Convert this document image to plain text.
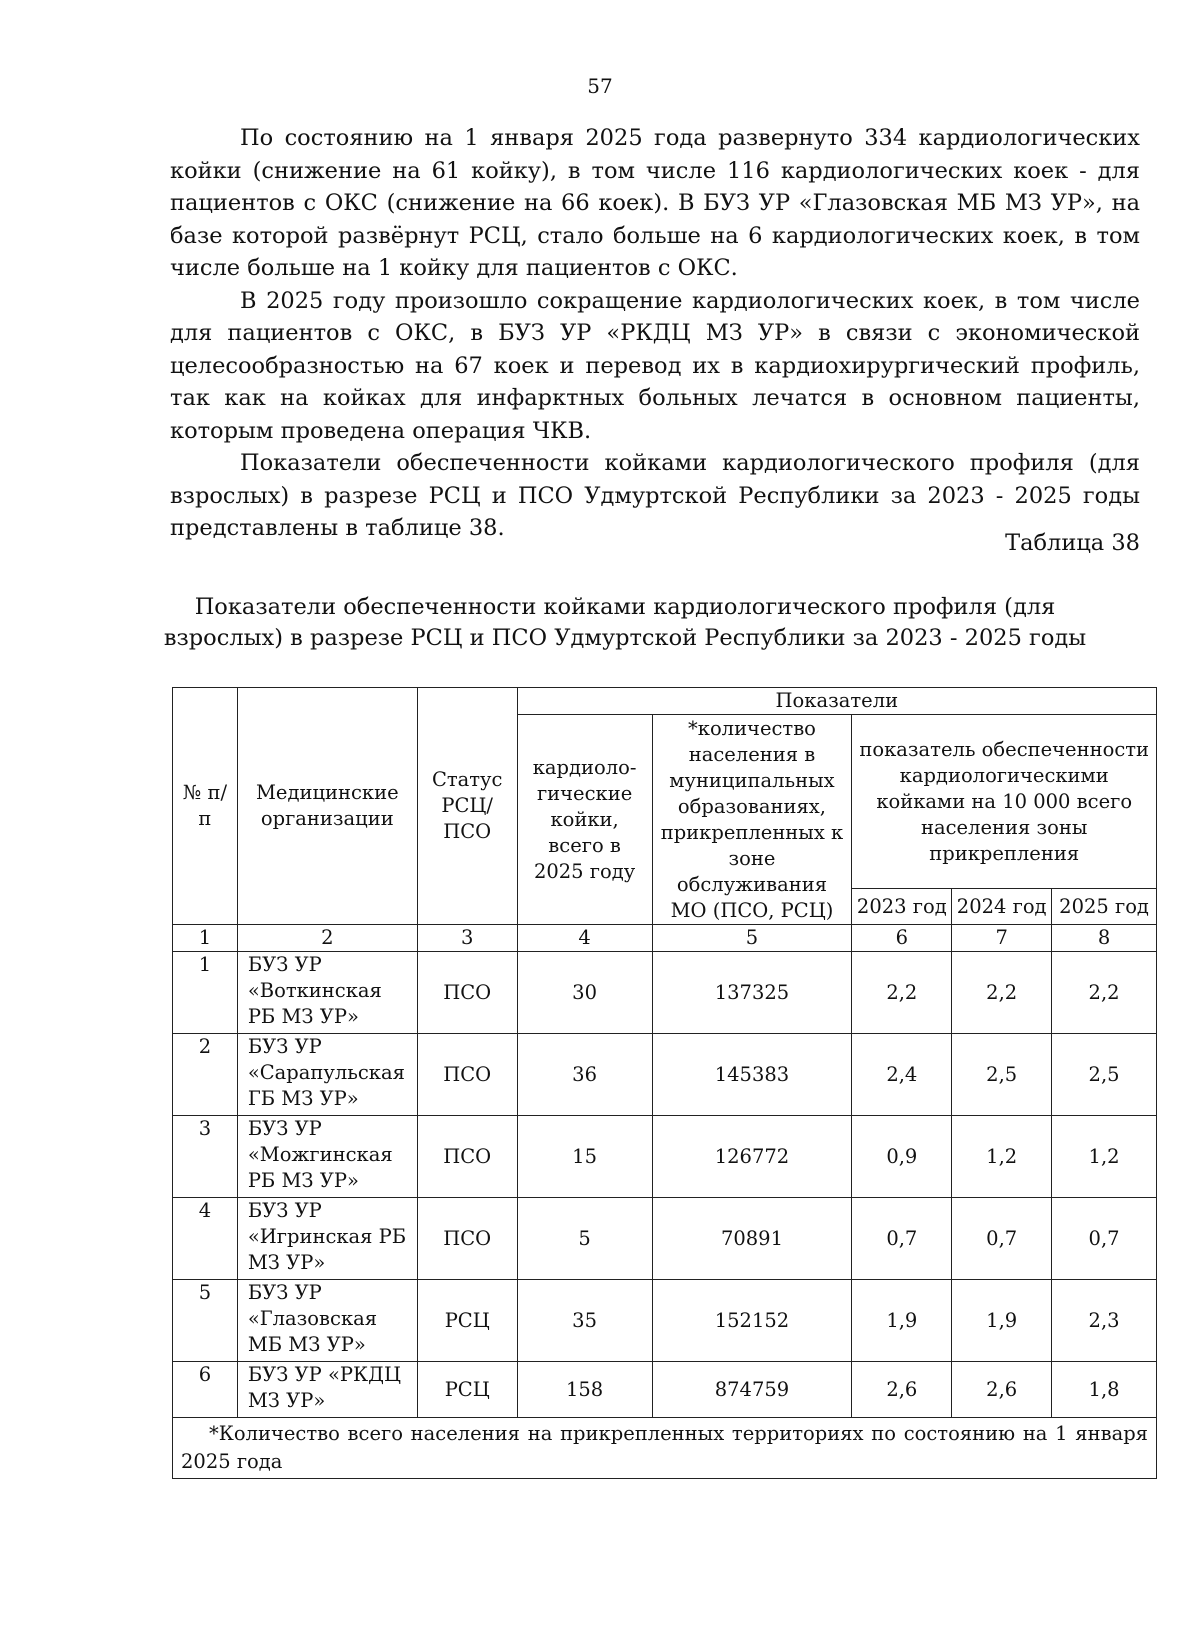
57

По состоянию на 1 января 2025 года развернуто 334 кардиологических койки (снижение на 61 койку), в том числе 116 кардиологических коек - для пациентов с ОКС (снижение на 66 коек). В БУЗ УР «Глазовская МБ МЗ УР», на базе которой развёрнут РСЦ, стало больше на 6 кардиологических коек, в том числе больше на 1 койку для пациентов с ОКС.

В 2025 году произошло сокращение кардиологических коек, в том числе для пациентов с ОКС, в БУЗ УР «РКДЦ МЗ УР» в связи с экономической целесообразностью на 67 коек и перевод их в кардиохирургический профиль, так как на койках для инфарктных больных лечатся в основном пациенты, которым проведена операция ЧКВ.

Показатели обеспеченности койками кардиологического профиля (для взрослых) в разрезе РСЦ и ПСО Удмуртской Республики за 2023 - 2025 годы представлены в таблице 38.

Таблица 38
Показатели обеспеченности койками кардиологического профиля (для взрослых) в разрезе РСЦ и ПСО Удмуртской Республики за 2023 - 2025 годы
№ п/п	Медицинские организации	Статус РСЦ/ ПСО	Показатели				
			кардиоло-гические койки, всего в 2025 году	*количество населения в муниципальных образованиях, прикрепленных к зоне обслуживания МО (ПСО, РСЦ)	показатель обеспеченности кардиологическими койками на 10 000 всего населения зоны прикрепления		
					2023 год	2024 год	2025 год
1	2	3	4	5	6	7	8
1	БУЗ УР «Воткинская РБ МЗ УР»	ПСО	30	137325	2,2	2,2	2,2
2	БУЗ УР «Сарапульская ГБ МЗ УР»	ПСО	36	145383	2,4	2,5	2,5
3	БУЗ УР «Можгинская РБ МЗ УР»	ПСО	15	126772	0,9	1,2	1,2
4	БУЗ УР «Игринская РБ МЗ УР»	ПСО	5	70891	0,7	0,7	0,7
5	БУЗ УР «Глазовская МБ МЗ УР»	РСЦ	35	152152	1,9	1,9	2,3
6	БУЗ УР «РКДЦ МЗ УР»	РСЦ	158	874759	2,6	2,6	1,8

*Количество всего населения на прикрепленных территориях по состоянию на 1 января 2025 года							
